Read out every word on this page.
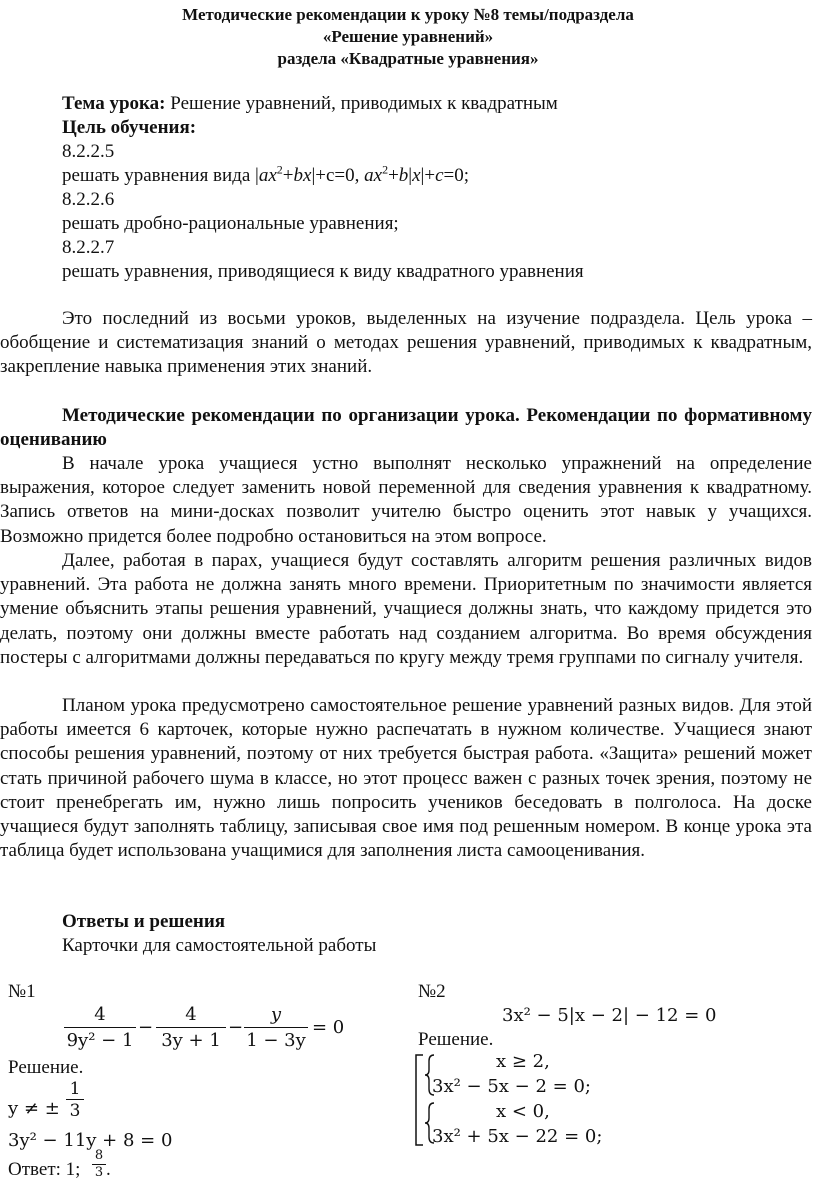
Методические рекомендации к уроку №8 темы/подраздела
«Решение уравнений»
раздела «Квадратные уравнения»
Тема урока: Решение уравнений, приводимых к квадратным
Цель обучения:
8.2.2.5
решать уравнения вида $|ax^2+bx|+c=0$, $ax^2+b|x|+c=0$;
8.2.2.6
решать дробно-рациональные уравнения;
8.2.2.7
решать уравнения, приводящиеся к виду квадратного уравнения
Это последний из восьми уроков, выделенных на изучение подраздела. Цель урока – обобщение и систематизация знаний о методах решения уравнений, приводимых к квадратным, закрепление навыка применения этих знаний.
Методические рекомендации по организации урока. Рекомендации по формативному оцениванию
В начале урока учащиеся устно выполнят несколько упражнений на определение выражения, которое следует заменить новой переменной для сведения уравнения к квадратному. Запись ответов на мини-досках позволит учителю быстро оценить этот навык у учащихся. Возможно придется более подробно остановиться на этом вопросе.
Далее, работая в парах, учащиеся будут составлять алгоритм решения различных видов уравнений. Эта работа не должна занять много времени. Приоритетным по значимости является умение объяснить этапы решения уравнений, учащиеся должны знать, что каждому придется это делать, поэтому они должны вместе работать над созданием алгоритма. Во время обсуждения постеры с алгоритмами должны передаваться по кругу между тремя группами по сигналу учителя.
Планом урока предусмотрено самостоятельное решение уравнений разных видов. Для этой работы имеется 6 карточек, которые нужно распечатать в нужном количестве. Учащиеся знают способы решения уравнений, поэтому от них требуется быстрая работа. «Защита» решений может стать причиной рабочего шума в классе, но этот процесс важен с разных точек зрения, поэтому не стоит пренебрегать им, нужно лишь попросить учеников беседовать в полголоса. На доске учащиеся будут заполнять таблицу, записывая свое имя под решенным номером. В конце урока эта таблица будет использована учащимися для заполнения листа самооценивания.
Ответы и решения
Карточки для самостоятельной работы
№1
4
9y² − 1
−
4
3y + 1
−
y
1 − 3y
= 0
Решение.
y ≠ ±
1
3
3y² − 11y + 8 = 0
Ответ: 1;
8
3 .
№2
3x² − 5|x − 2| − 12 = 0
Решение.
x ≥ 2,
3x² − 5x − 2 = 0;
x < 0,
3x² + 5x − 22 = 0;
